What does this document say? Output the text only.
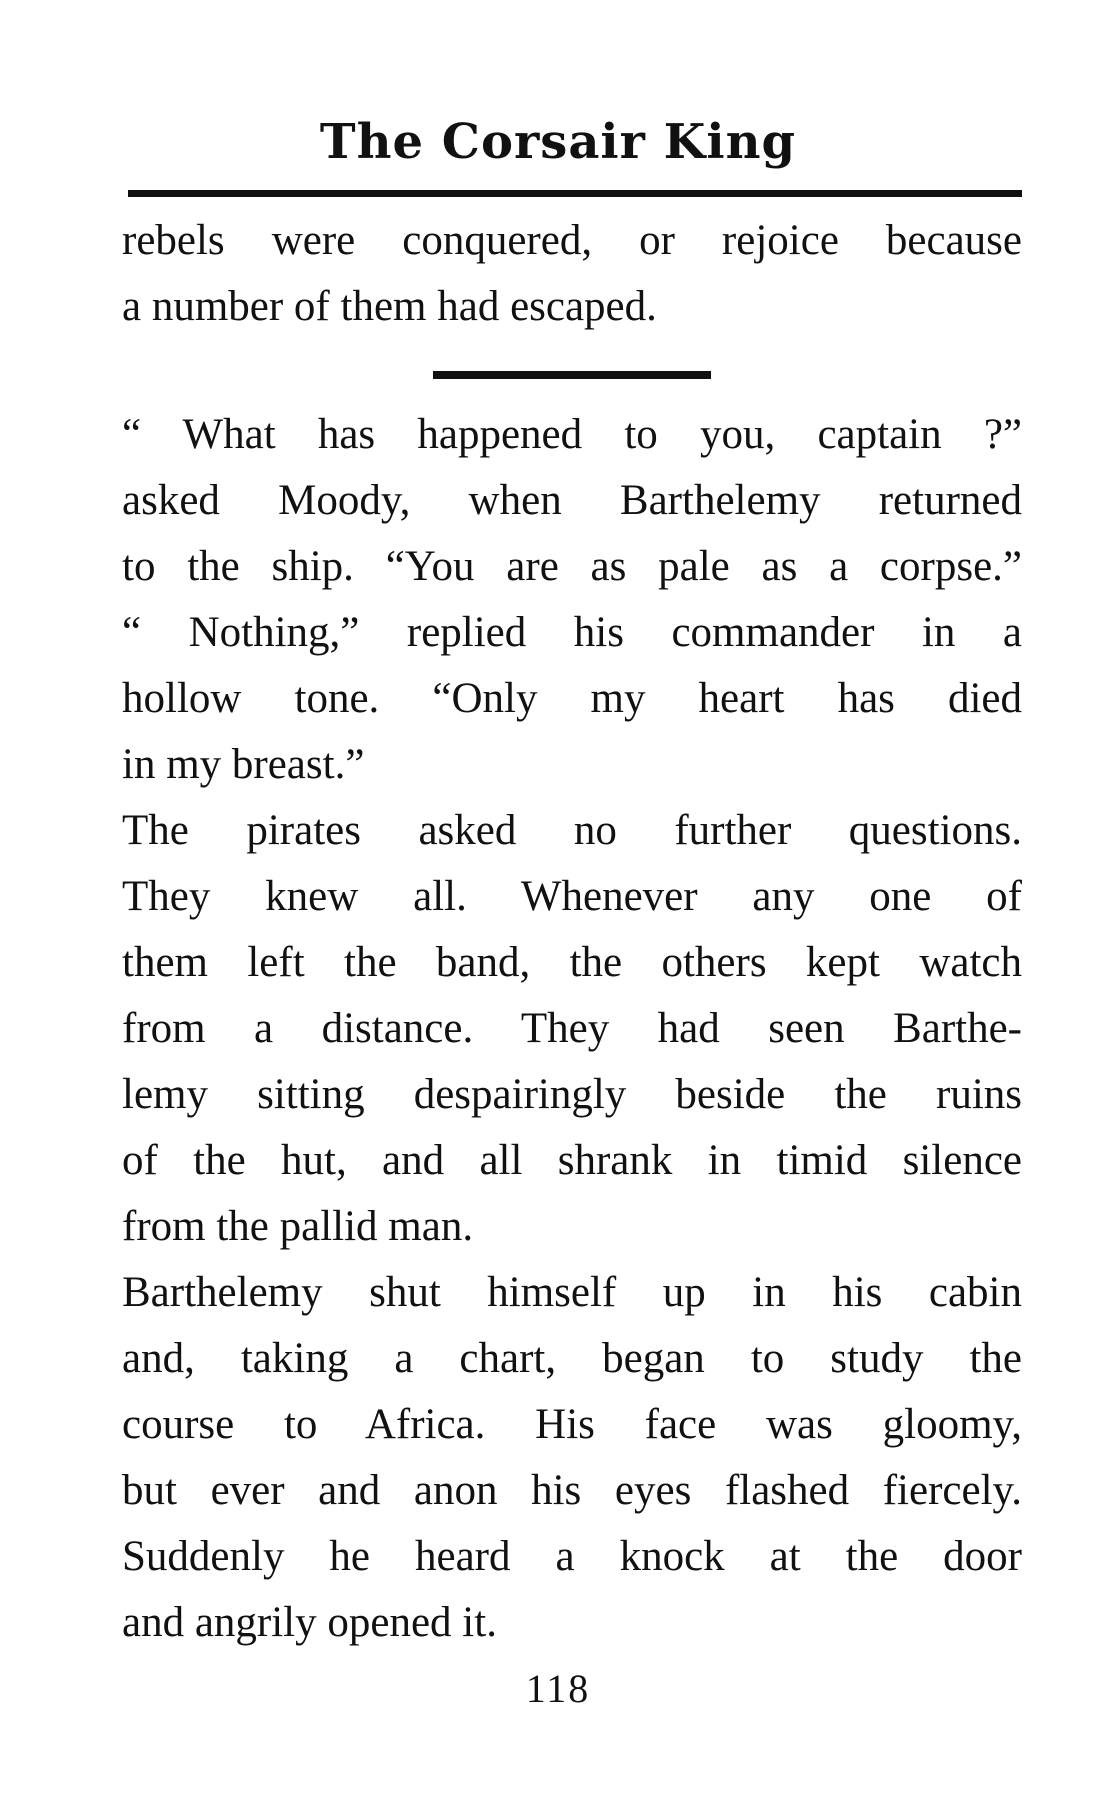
The Corsair King
rebels were conquered, or rejoice because
a number of them had escaped.
“ What has happened to you, captain ?”
asked Moody, when Barthelemy returned
to the ship. “You are as pale as a corpse.”
“ Nothing,” replied his commander in a
hollow tone. “Only my heart has died
in my breast.”
The pirates asked no further questions.
They knew all. Whenever any one of
them left the band, the others kept watch
from a distance. They had seen Barthe-
lemy sitting despairingly beside the ruins
of the hut, and all shrank in timid silence
from the pallid man.
Barthelemy shut himself up in his cabin
and, taking a chart, began to study the
course to Africa. His face was gloomy,
but ever and anon his eyes flashed fiercely.
Suddenly he heard a knock at the door
and angrily opened it.
118
